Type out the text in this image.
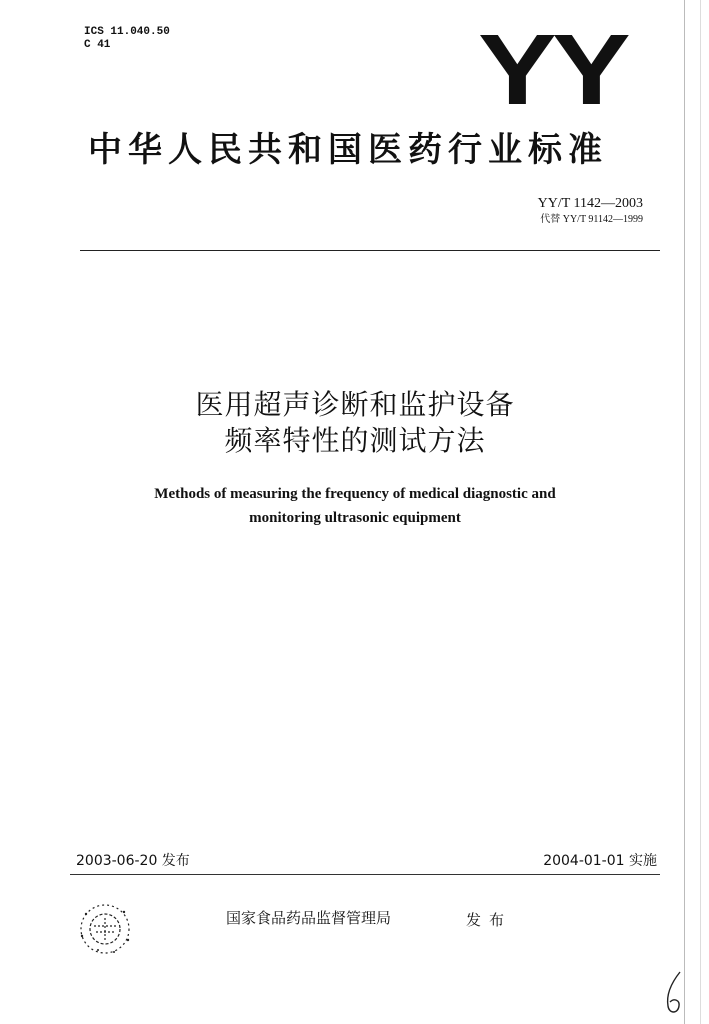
ICS 11.040.50
C 41	YY
中华人民共和国医药行业标准
YY/T 1142—2003
代替 YY/T 91142—1999
医用超声诊断和监护设备
频率特性的测试方法
Methods of measuring the frequency of medical diagnostic and
monitoring ultrasonic equipment
2003-06-20 发布	2004-01-01 实施
国家食品药品监督管理局	发布
